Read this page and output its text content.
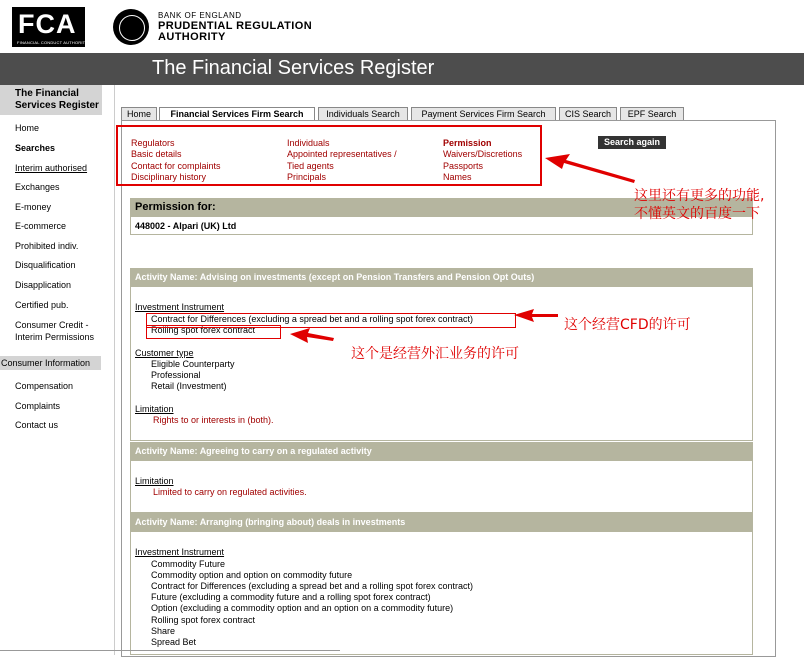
FCA
FINANCIAL CONDUCT AUTHORITY
BANK OF ENGLAND
PRUDENTIAL REGULATION
AUTHORITY
The Financial Services Register
The Financial Services Register
Home
Searches
Interim authorised
Exchanges
E-money
E-commerce
Prohibited indiv.
Disqualification
Disapplication
Certified pub.
Consumer Credit - Interim Permissions
Consumer Information
Compensation
Complaints
Contact us
Home	Financial Services Firm Search	Individuals Search	Payment Services Firm Search	CIS Search	EPF Search
Regulators
Basic details
Contact for complaints
Disciplinary history
Individuals
Appointed representatives /
Tied agents
Principals
Permission
Waivers/Discretions
Passports
Names
Search again
Permission for:
448002 - Alpari (UK) Ltd
Activity Name: Advising on investments (except on Pension Transfers and Pension Opt Outs)
Investment Instrument
Contract for Differences (excluding a spread bet and a rolling spot forex contract)
Rolling spot forex contract
Customer type
Eligible Counterparty
Professional
Retail (Investment)
Limitation
Rights to or interests in (both).
Activity Name: Agreeing to carry on a regulated activity
Limitation
Limited to carry on regulated activities.
Activity Name: Arranging (bringing about) deals in investments
Investment Instrument
Commodity Future
Commodity option and option on commodity future
Contract for Differences (excluding a spread bet and a rolling spot forex contract)
Future (excluding a commodity future and a rolling spot forex contract)
Option (excluding a commodity option and an option on a commodity future)
Rolling spot forex contract
Share
Spread Bet
这里还有更多的功能,
不懂英文的百度一下
这个经营CFD的许可
这个是经营外汇业务的许可
